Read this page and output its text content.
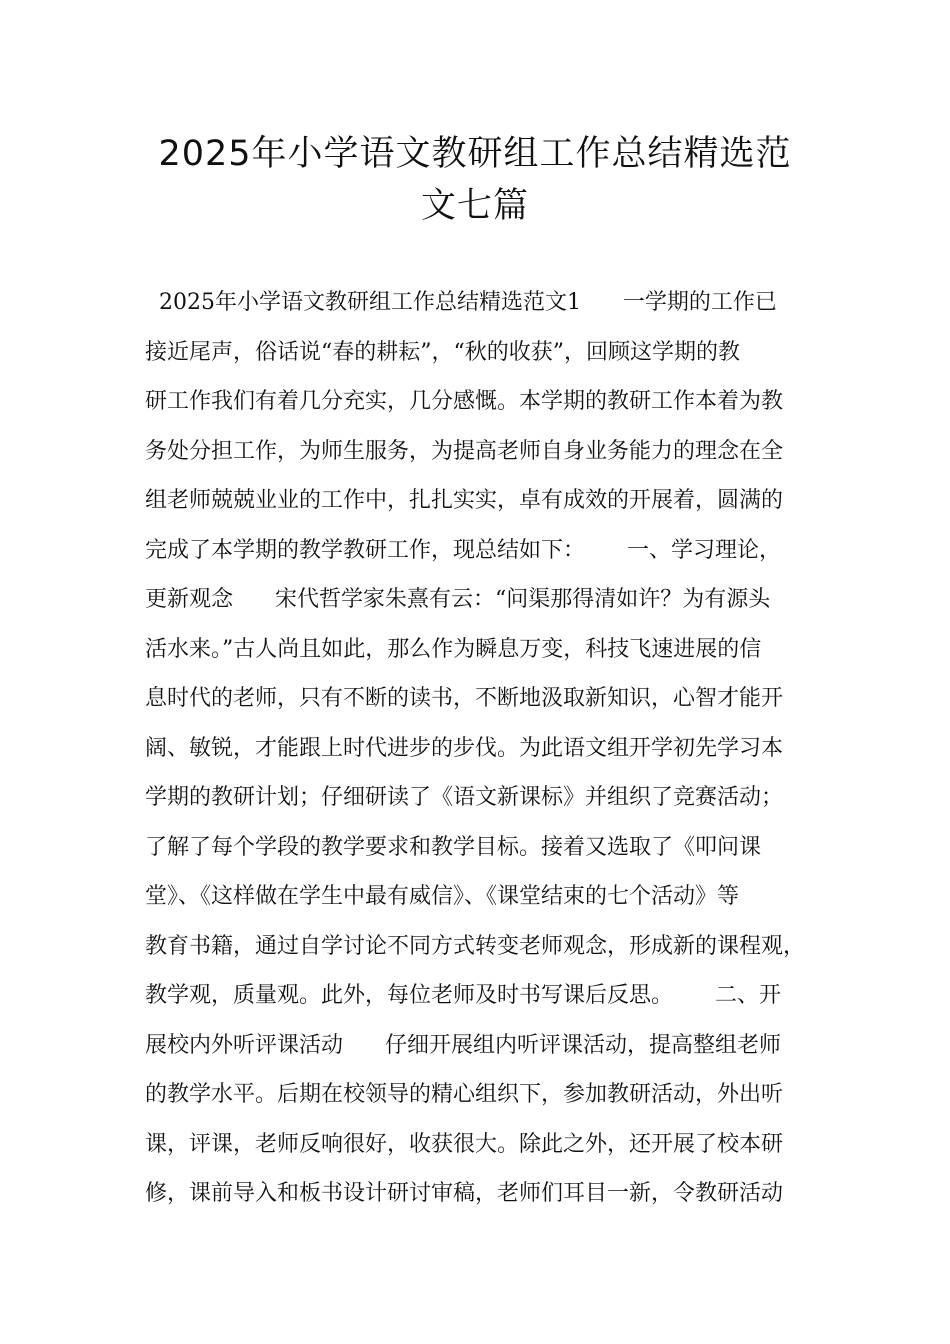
2025年小学语文教研组工作总结精选范
文七篇
2025年小学语文教研组工作总结精选范文1      一学期的工作已
接近尾声，俗话说“春的耕耘”，“秋的收获”，回顾这学期的教
研工作我们有着几分充实，几分感慨。本学期的教研工作本着为教
务处分担工作，为师生服务，为提高老师自身业务能力的理念在全
组老师兢兢业业的工作中，扎扎实实，卓有成效的开展着，圆满的
完成了本学期的教学教研工作，现总结如下：      一、学习理论，
更新观念      宋代哲学家朱熹有云：“问渠那得清如许？为有源头
活水来。”古人尚且如此，那么作为瞬息万变，科技飞速进展的信
息时代的老师，只有不断的读书，不断地汲取新知识，心智才能开
阔、敏锐，才能跟上时代进步的步伐。为此语文组开学初先学习本
学期的教研计划；仔细研读了《语文新课标》并组织了竞赛活动；
了解了每个学段的教学要求和教学目标。接着又选取了《叩问课
堂》、《这样做在学生中最有威信》、《课堂结束的七个活动》等
教育书籍，通过自学讨论不同方式转变老师观念，形成新的课程观，
教学观，质量观。此外，每位老师及时书写课后反思。      二、开
展校内外听评课活动      仔细开展组内听评课活动，提高整组老师
的教学水平。后期在校领导的精心组织下，参加教研活动，外出听
课，评课，老师反响很好，收获很大。除此之外，还开展了校本研
修，课前导入和板书设计研讨审稿，老师们耳目一新，令教研活动
